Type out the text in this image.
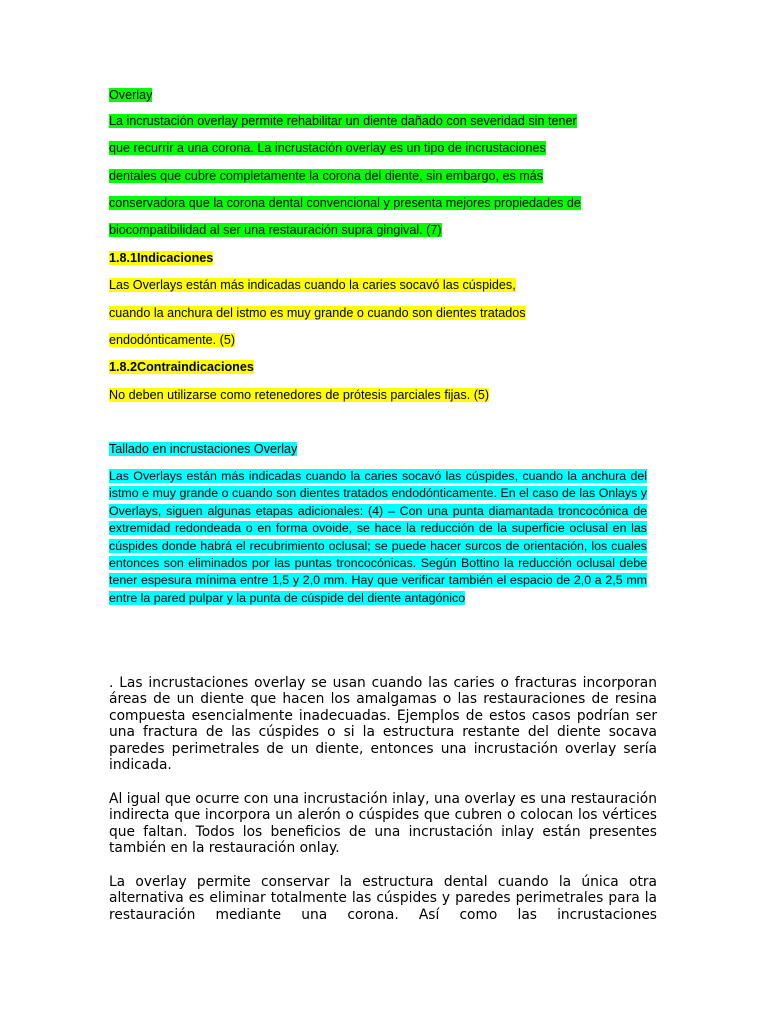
Overlay
La incrustación overlay permite rehabilitar un diente dañado con severidad sin tener
que recurrir a una corona. La incrustación overlay es un tipo de incrustaciones
dentales que cubre completamente la corona del diente, sin embargo, es más
conservadora que la corona dental convencional y presenta mejores propiedades de
biocompatibilidad al ser una restauración supra gingival. (7)
1.8.1Indicaciones
Las Overlays están más indicadas cuando la caries socavó las cúspides,
cuando la anchura del istmo es muy grande o cuando son dientes tratados
endodónticamente. (5)
1.8.2Contraindicaciones
No deben utilizarse como retenedores de prótesis parciales fijas. (5)
Tallado en incrustaciones Overlay
Las Overlays están más indicadas cuando la caries socavó las cúspides, cuando la anchura del istmo e muy grande o cuando son dientes tratados endodónticamente. En el caso de las Onlays y Overlays, siguen algunas etapas adicionales: (4) – Con una punta diamantada troncocónica de extremidad redondeada o en forma ovoide, se hace la reducción de la superficie oclusal en las cúspides donde habrá el recubrimiento oclusal; se puede hacer surcos de orientación, los cuales entonces son eliminados por las puntas troncocónicas. Según Bottino la reducción oclusal debe tener espesura mínima entre 1,5 y 2,0 mm. Hay que verificar también el espacio de 2,0 a 2,5 mm entre la pared pulpar y la punta de cúspide del diente antagónico
. Las incrustaciones overlay se usan cuando las caries o fracturas incorporan áreas de un diente que hacen los amalgamas o las restauraciones de resina compuesta esencialmente inadecuadas. Ejemplos de estos casos podrían ser una fractura de las cúspides o si la estructura restante del diente socava paredes perimetrales de un diente, entonces una incrustación overlay sería indicada.
Al igual que ocurre con una incrustación inlay, una overlay es una restauración indirecta que incorpora un alerón o cúspides que cubren o colocan los vértices que faltan. Todos los beneficios de una incrustación inlay están presentes también en la restauración onlay.
La overlay permite conservar la estructura dental cuando la única otra alternativa es eliminar totalmente las cúspides y paredes perimetrales para la restauración mediante una corona. Así como las incrustaciones
